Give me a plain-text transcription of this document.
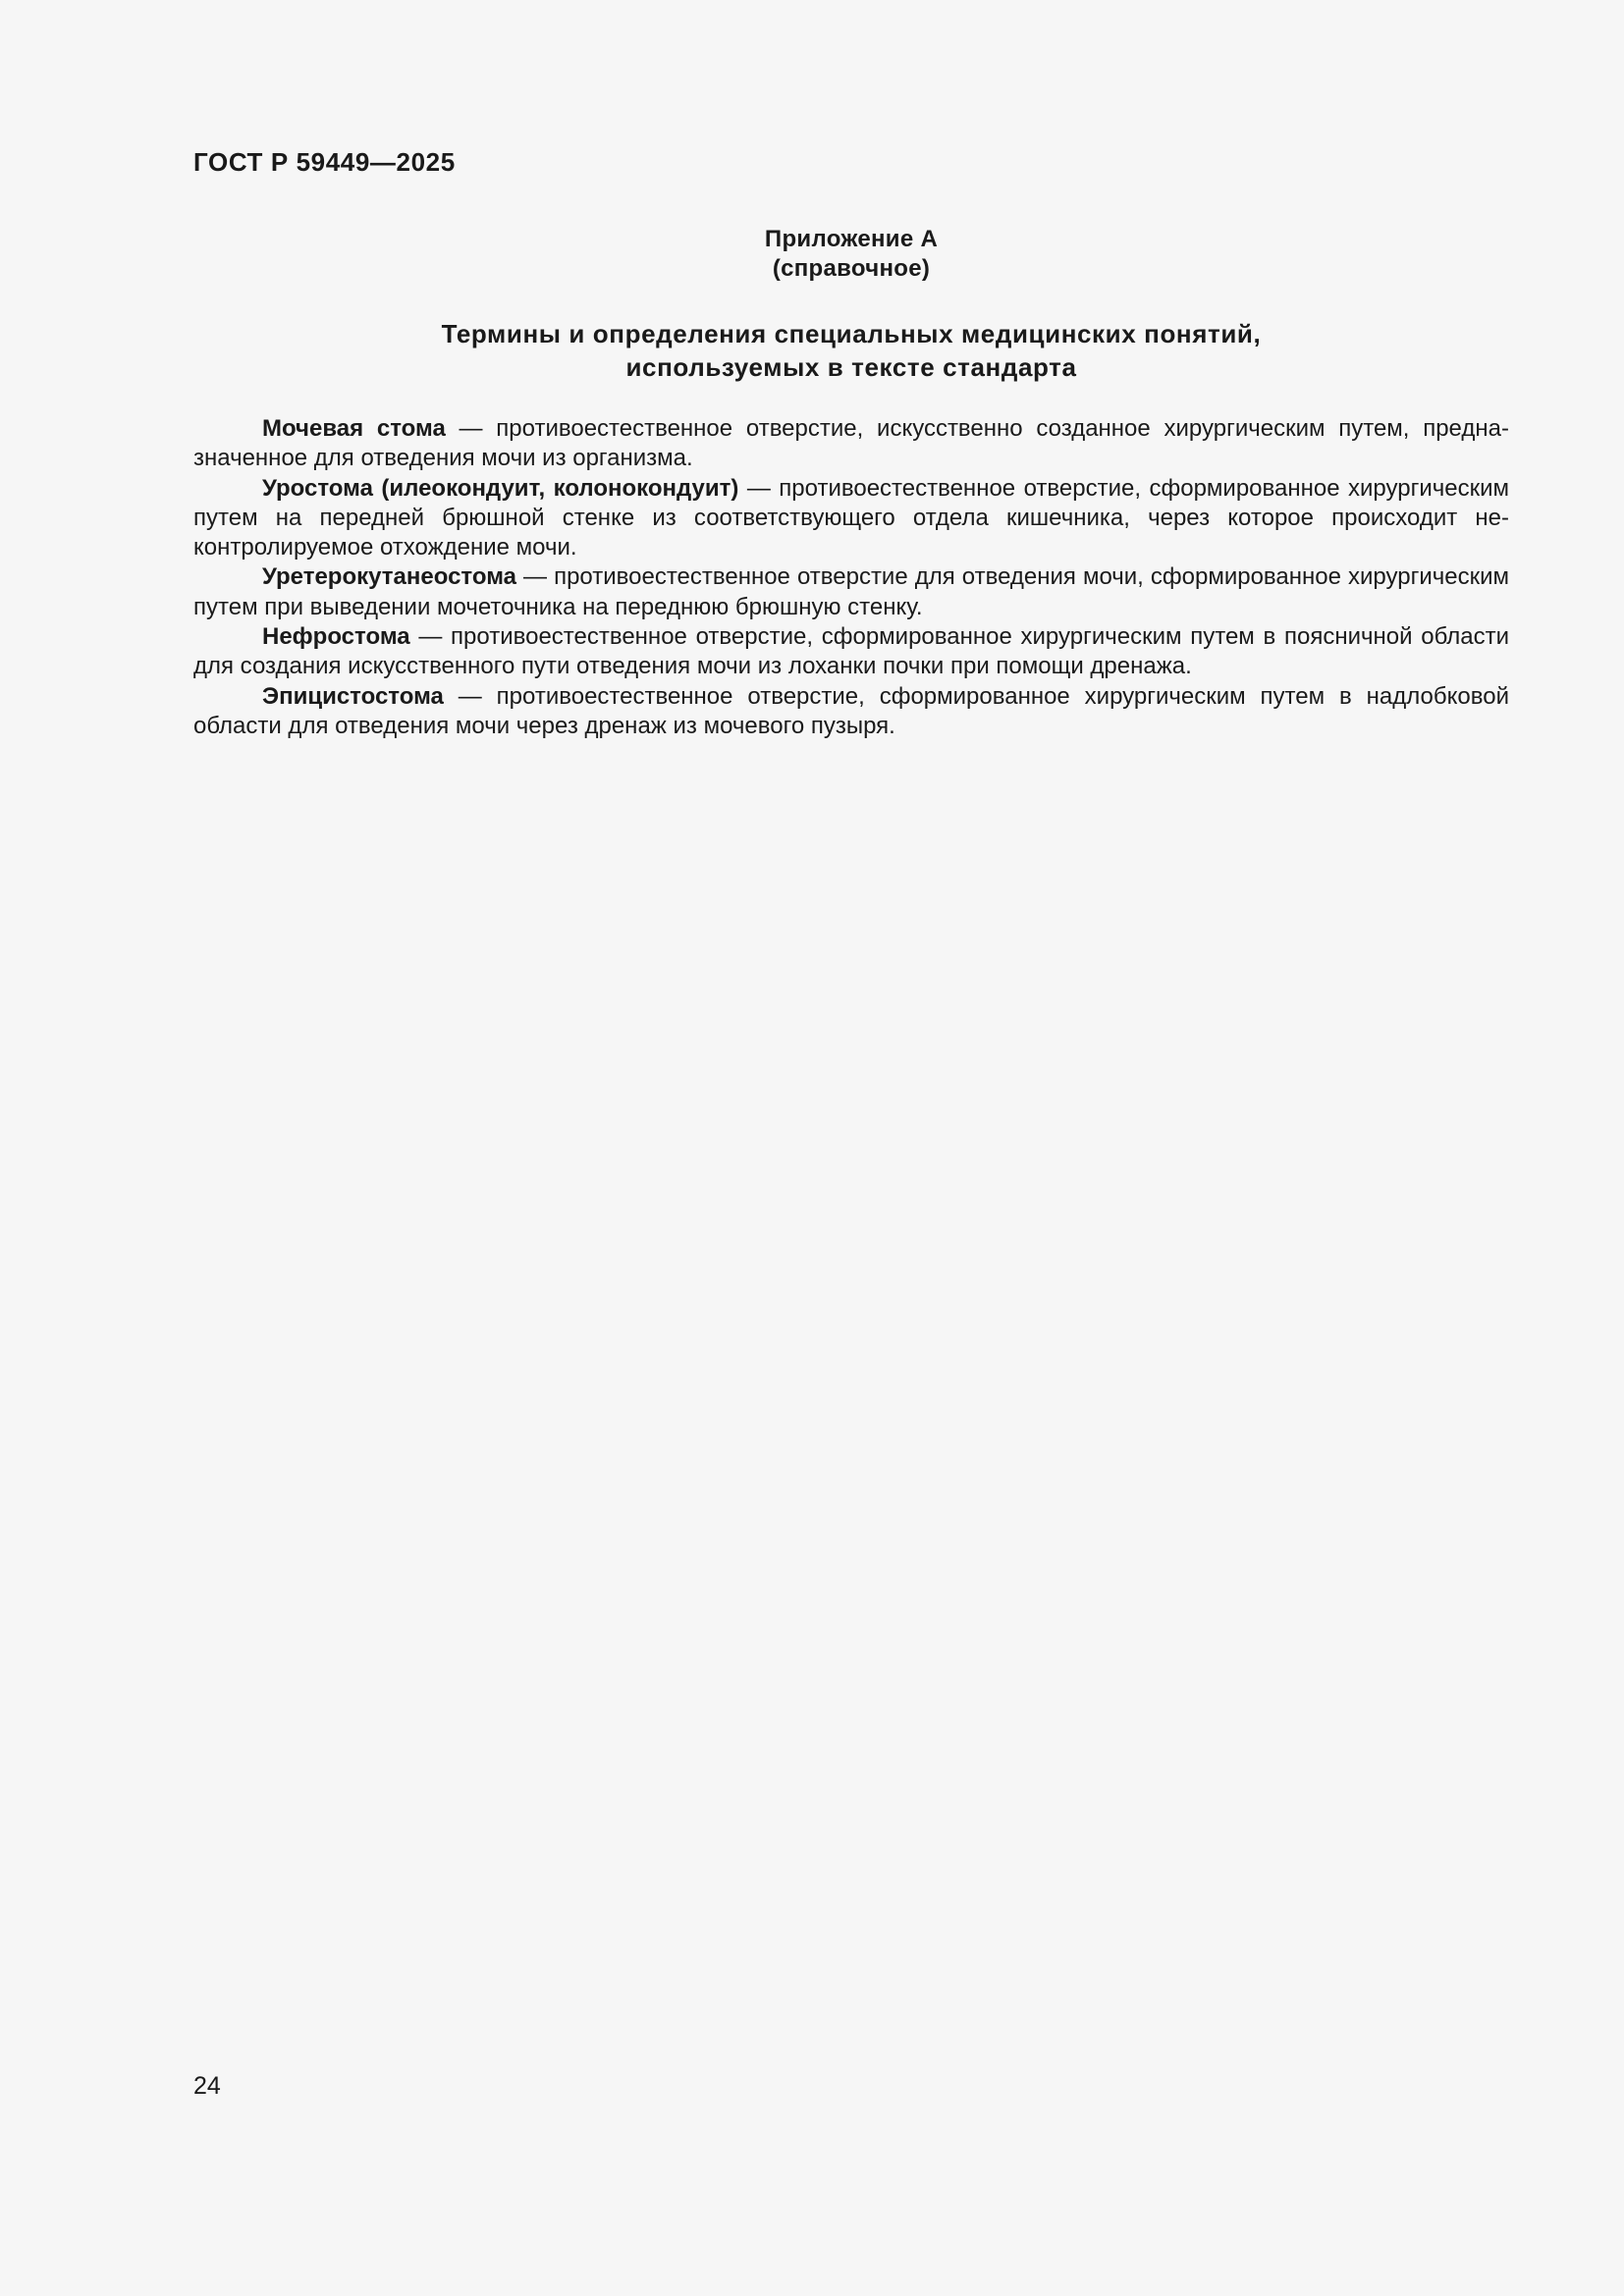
ГОСТ Р 59449—2025
Приложение А
(справочное)
Термины и определения специальных медицинских понятий,
используемых в тексте стандарта

Мочевая стома — противоестественное отверстие, искусственно созданное хирургическим путем, предназначенное для отведения мочи из организма.

Уростома (илеокондуит, колонокондуит) — противоестественное отверстие, сформированное хирургическим путем на передней брюшной стенке из соответствующего отдела кишечника, через которое происходит неконтролируемое отхождение мочи.

Уретерокутанеостома — противоестественное отверстие для отведения мочи, сформированное хирургическим путем при выведении мочеточника на переднюю брюшную стенку.

Нефростома — противоестественное отверстие, сформированное хирургическим путем в поясничной области для создания искусственного пути отведения мочи из лоханки почки при помощи дренажа.

Эпицистостома — противоестественное отверстие, сформированное хирургическим путем в надлобковой области для отведения мочи через дренаж из мочевого пузыря.

24
